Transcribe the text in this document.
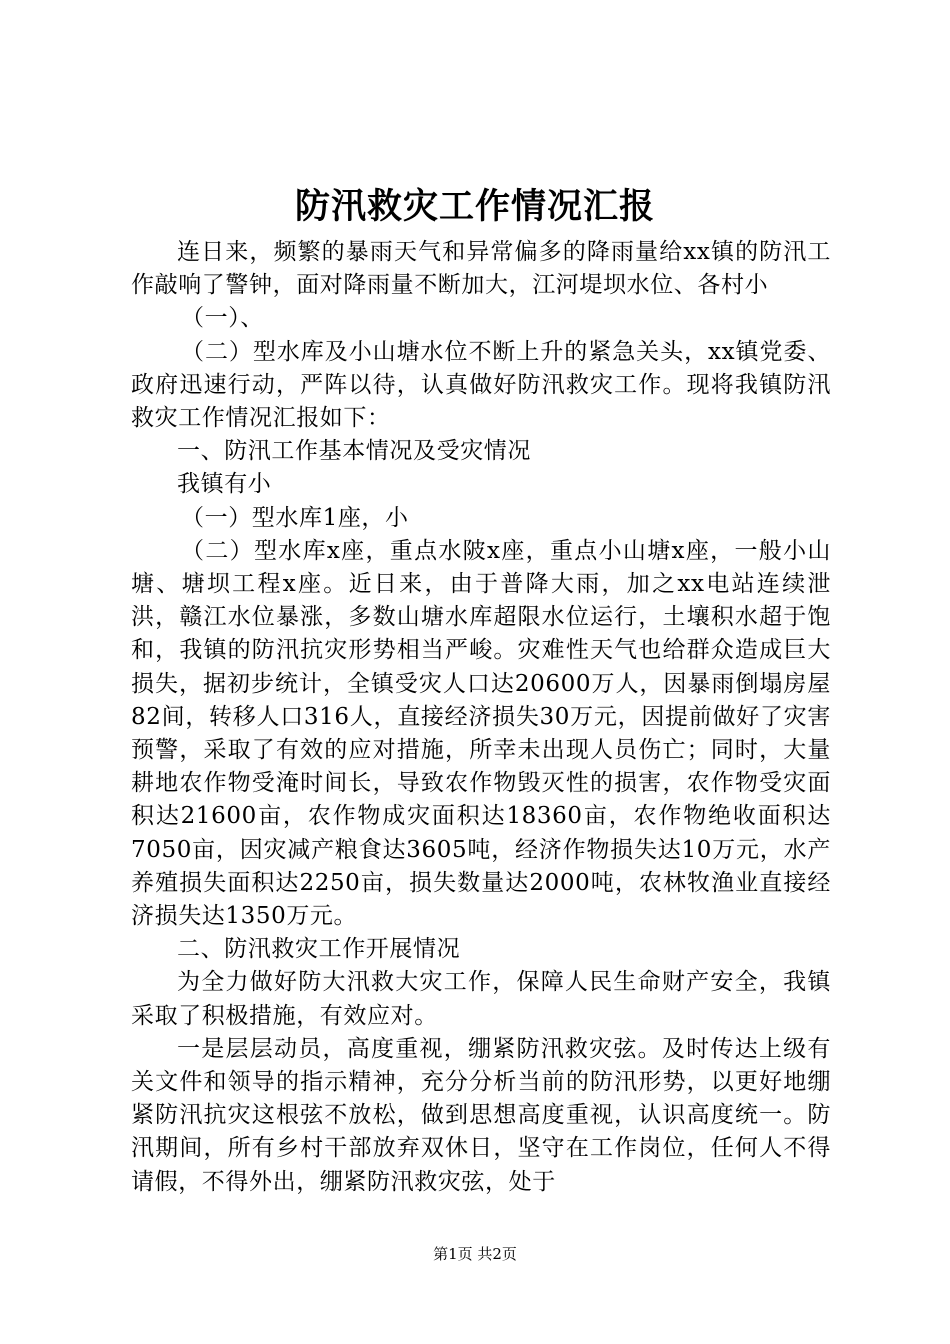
防汛救灾工作情况汇报

连日来，频繁的暴雨天气和异常偏多的降雨量给xx镇的防汛工作敲响了警钟，面对降雨量不断加大，江河堤坝水位、各村小

（一）、

（二）型水库及小山塘水位不断上升的紧急关头，xx镇党委、政府迅速行动，严阵以待，认真做好防汛救灾工作。现将我镇防汛救灾工作情况汇报如下：

一、防汛工作基本情况及受灾情况

我镇有小

（一）型水库1座，小

（二）型水库x座，重点水陂x座，重点小山塘x座，一般小山塘、塘坝工程x座。近日来，由于普降大雨，加之xx电站连续泄洪，赣江水位暴涨，多数山塘水库超限水位运行，土壤积水超于饱和，我镇的防汛抗灾形势相当严峻。灾难性天气也给群众造成巨大损失，据初步统计，全镇受灾人口达20600万人，因暴雨倒塌房屋82间，转移人口316人，直接经济损失30万元，因提前做好了灾害预警，采取了有效的应对措施，所幸未出现人员伤亡；同时，大量耕地农作物受淹时间长，导致农作物毁灭性的损害，农作物受灾面积达21600亩，农作物成灾面积达18360亩，农作物绝收面积达7050亩，因灾减产粮食达3605吨，经济作物损失达10万元，水产养殖损失面积达2250亩，损失数量达2000吨，农林牧渔业直接经济损失达1350万元。

二、防汛救灾工作开展情况

为全力做好防大汛救大灾工作，保障人民生命财产安全，我镇采取了积极措施，有效应对。

一是层层动员，高度重视，绷紧防汛救灾弦。及时传达上级有关文件和领导的指示精神，充分分析当前的防汛形势，以更好地绷紧防汛抗灾这根弦不放松，做到思想高度重视，认识高度统一。防汛期间，所有乡村干部放弃双休日，坚守在工作岗位，任何人不得请假，不得外出，绷紧防汛救灾弦，处于

第1页 共2页
